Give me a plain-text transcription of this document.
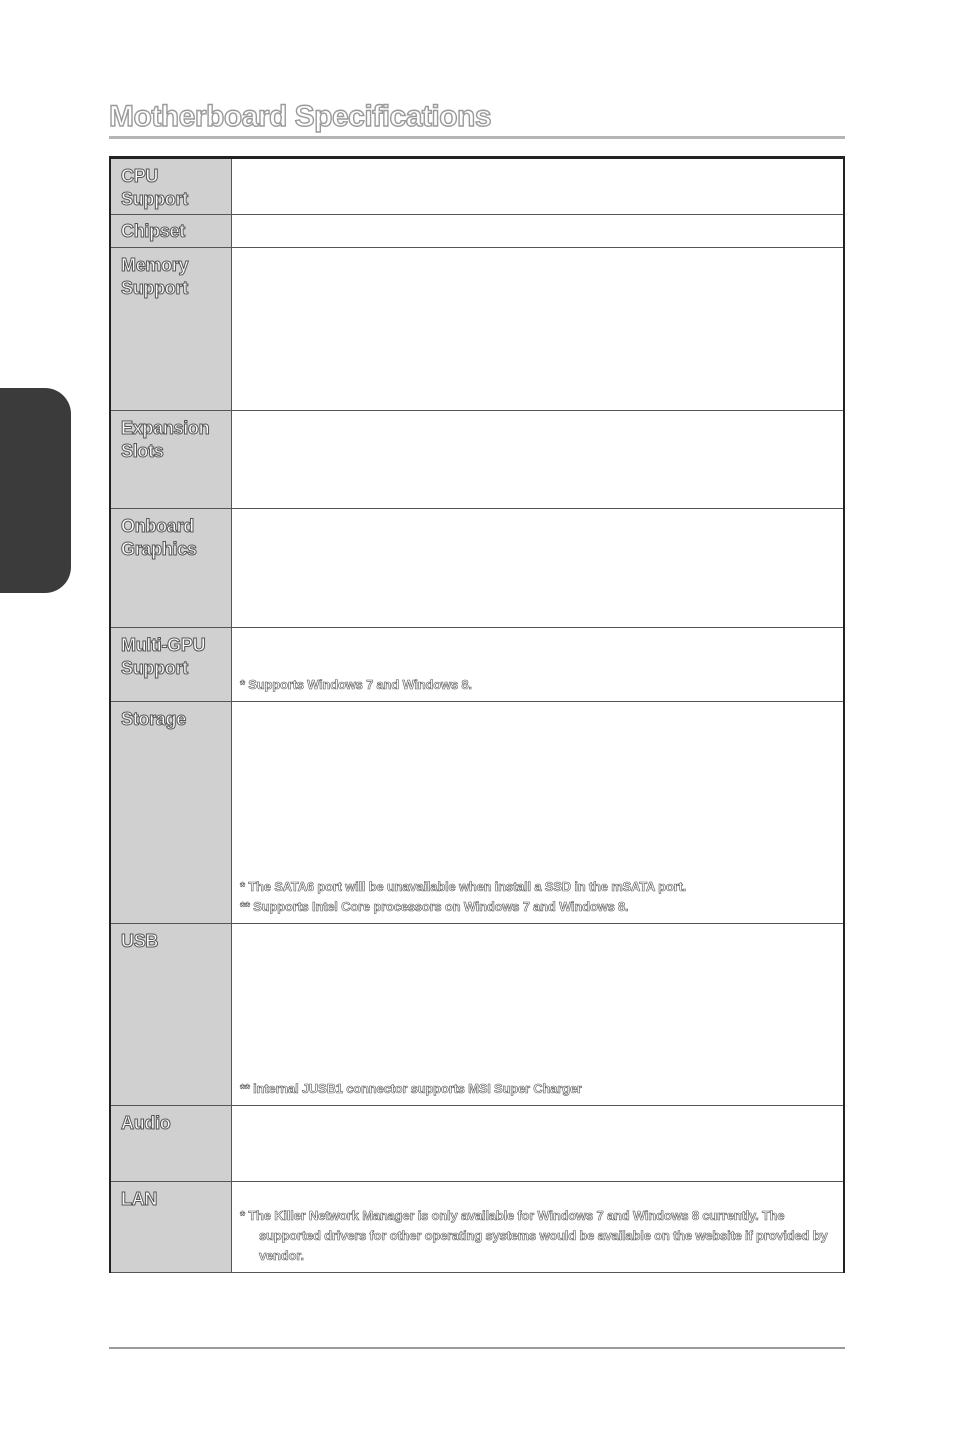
Motherboard Specifications
CPU
Support	

Chipset	

Memory
Support	

Expansion
Slots	

Onboard
Graphics	

Multi-GPU
Support	* Supports Windows 7 and Windows 8.

Storage	* The SATA6 port will be unavailable when install a SSD in the mSATA port.
** Supports Intel Core processors on Windows 7 and Windows 8.

USB	** internal JUSB1 connector supports MSI Super Charger

Audio	

LAN	* The Killer Network Manager is only available for Windows 7 and Windows 8 currently. The supported drivers for other operating systems would be available on the website if provided by vendor.
